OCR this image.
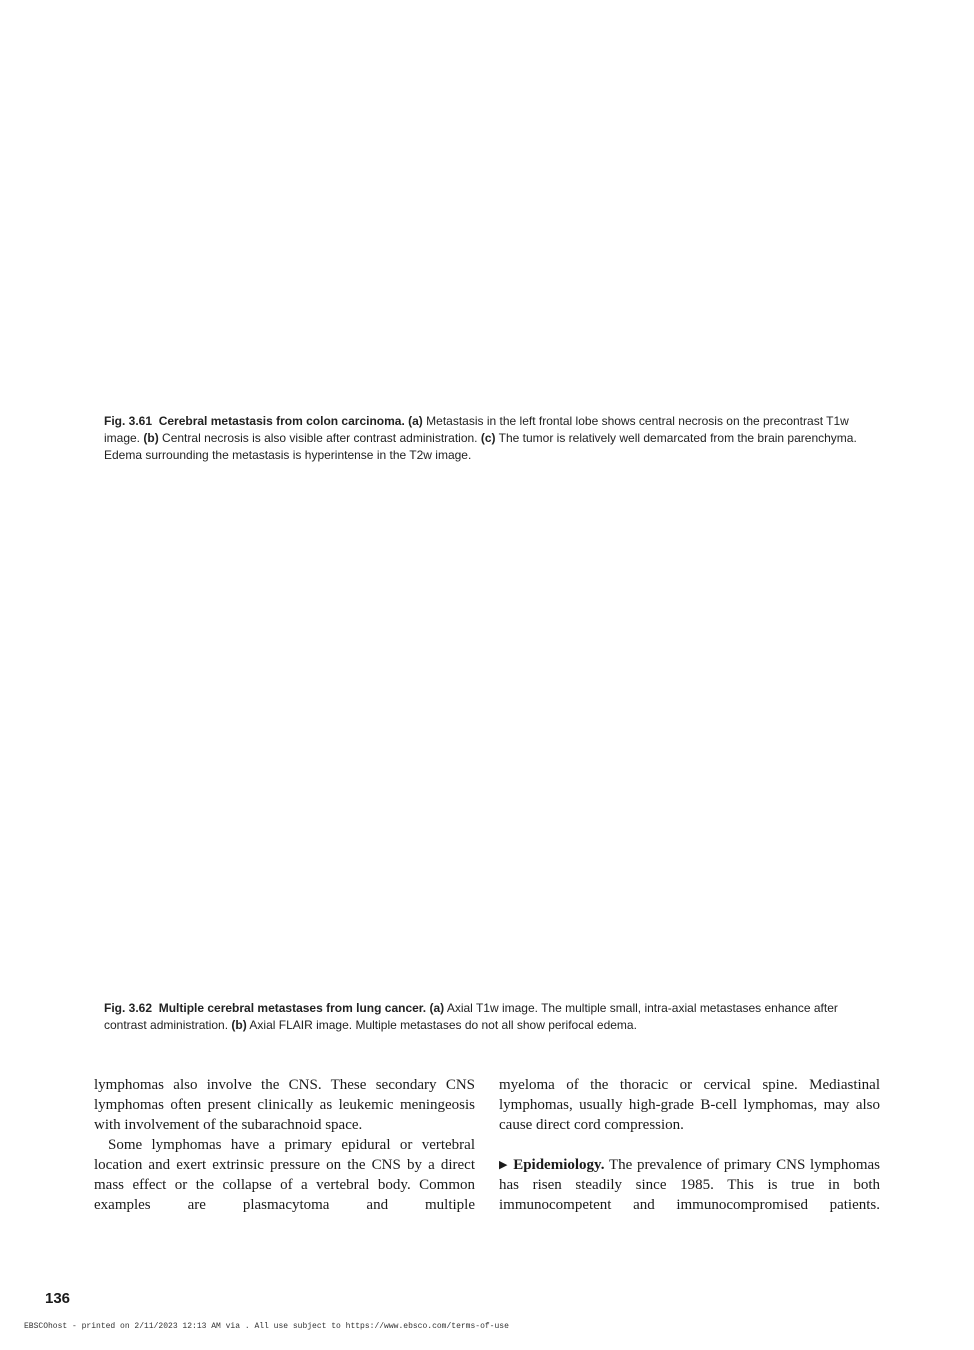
Fig. 3.61 Cerebral metastasis from colon carcinoma. (a) Metastasis in the left frontal lobe shows central necrosis on the precontrast T1w image. (b) Central necrosis is also visible after contrast administration. (c) The tumor is relatively well demarcated from the brain parenchyma. Edema surrounding the metastasis is hyperintense in the T2w image.
Fig. 3.62 Multiple cerebral metastases from lung cancer. (a) Axial T1w image. The multiple small, intra-axial metastases enhance after contrast administration. (b) Axial FLAIR image. Multiple metastases do not all show perifocal edema.

lymphomas also involve the CNS. These secondary CNS lymphomas often present clinically as leukemic meningeosis with involvement of the subarachnoid space.

Some lymphomas have a primary epidural or vertebral location and exert extrinsic pressure on the CNS by a direct mass effect or the collapse of a vertebral body. Common examples are plasmacytoma and multiple

myeloma of the thoracic or cervical spine. Mediastinal lymphomas, usually high-grade B-cell lymphomas, may also cause direct cord compression.

▶ Epidemiology. The prevalence of primary CNS lymphomas has risen steadily since 1985. This is true in both immunocompetent and immunocompromised patients.

136
EBSCOhost - printed on 2/11/2023 12:13 AM via . All use subject to https://www.ebsco.com/terms-of-use
